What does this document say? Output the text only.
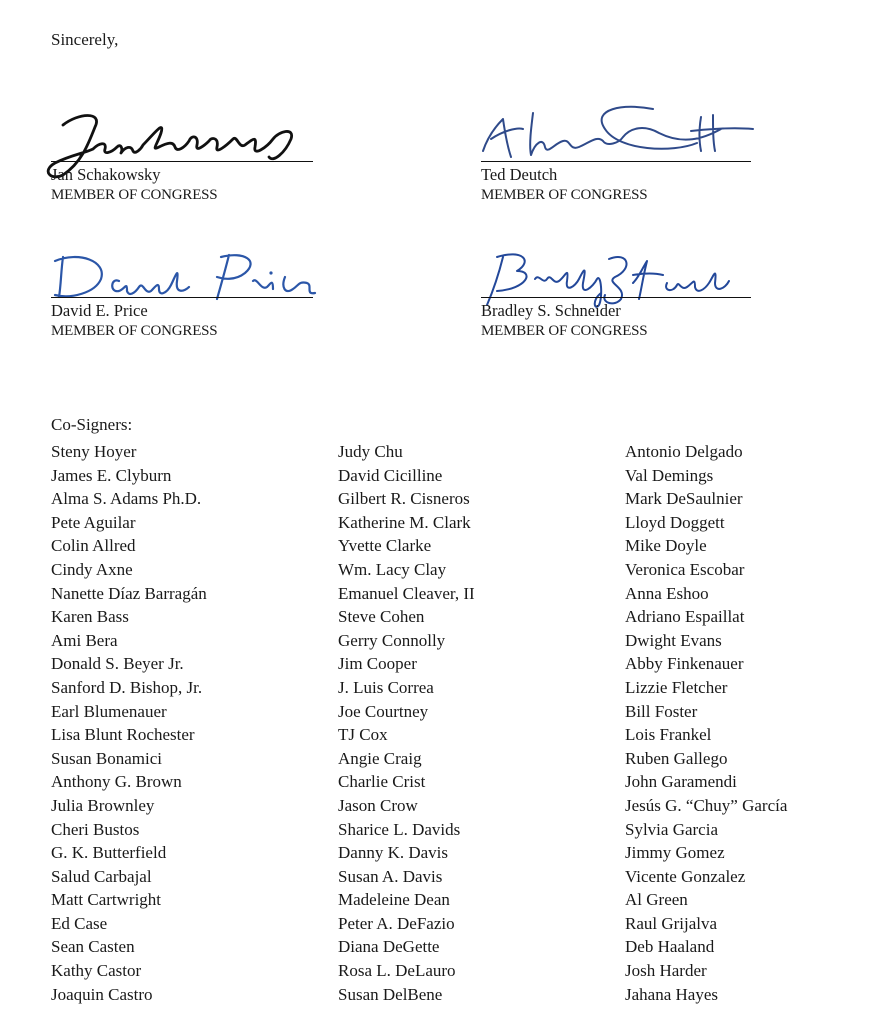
Sincerely,
Jan Schakowsky
MEMBER OF CONGRESS
Ted Deutch
MEMBER OF CONGRESS
David E. Price
MEMBER OF CONGRESS
Bradley S. Schneider
MEMBER OF CONGRESS
Co-Signers:
Steny Hoyer
James E. Clyburn
Alma S. Adams Ph.D.
Pete Aguilar
Colin Allred
Cindy Axne
Nanette Díaz Barragán
Karen Bass
Ami Bera
Donald S. Beyer Jr.
Sanford D. Bishop, Jr.
Earl Blumenauer
Lisa Blunt Rochester
Susan Bonamici
Anthony G. Brown
Julia Brownley
Cheri Bustos
G. K. Butterfield
Salud Carbajal
Matt Cartwright
Ed Case
Sean Casten
Kathy Castor
Joaquin Castro
Judy Chu
David Cicilline
Gilbert R. Cisneros
Katherine M. Clark
Yvette Clarke
Wm. Lacy Clay
Emanuel Cleaver, II
Steve Cohen
Gerry Connolly
Jim Cooper
J. Luis Correa
Joe Courtney
TJ Cox
Angie Craig
Charlie Crist
Jason Crow
Sharice L. Davids
Danny K. Davis
Susan A. Davis
Madeleine Dean
Peter A. DeFazio
Diana DeGette
Rosa L. DeLauro
Susan DelBene
Antonio Delgado
Val Demings
Mark DeSaulnier
Lloyd Doggett
Mike Doyle
Veronica Escobar
Anna Eshoo
Adriano Espaillat
Dwight Evans
Abby Finkenauer
Lizzie Fletcher
Bill Foster
Lois Frankel
Ruben Gallego
John Garamendi
Jesús G. “Chuy” García
Sylvia Garcia
Jimmy Gomez
Vicente Gonzalez
Al Green
Raul Grijalva
Deb Haaland
Josh Harder
Jahana Hayes
